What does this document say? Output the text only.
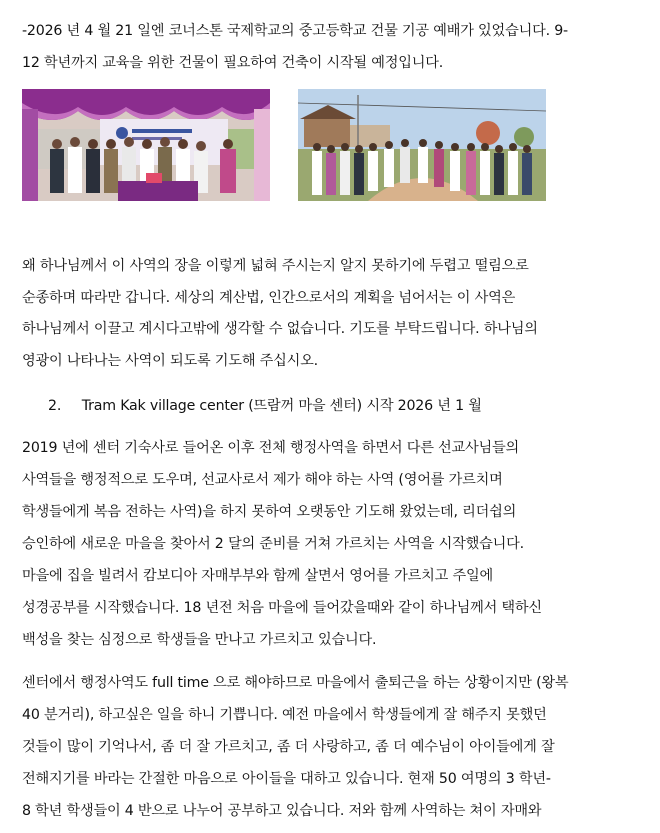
-2026 년 4 월 21 일엔 코너스톤 국제학교의 중고등학교 건물 기공 예배가 있었습니다. 9-
12 학년까지 교육을 위한 건물이 필요하여 건축이 시작될 예정입니다.
왜 하나님께서 이 사역의 장을 이렇게 넓혀 주시는지 알지 못하기에 두렵고 떨림으로
순종하며 따라만 갑니다. 세상의 계산법, 인간으로서의 계획을 넘어서는 이 사역은
하나님께서 이끌고 계시다고밖에 생각할 수 없습니다. 기도를 부탁드립니다. 하나님의
영광이 나타나는 사역이 되도록 기도해 주십시오.
2. Tram Kak village center (뜨람꺼 마을 센터) 시작 2026 년 1 월
2019 년에 센터 기숙사로 들어온 이후 전체 행정사역을 하면서 다른 선교사님들의
사역들을 행정적으로 도우며, 선교사로서 제가 해야 하는 사역 (영어를 가르치며
학생들에게 복음 전하는 사역)을 하지 못하여 오랫동안 기도해 왔었는데, 리더쉽의
승인하에 새로운 마을을 찾아서 2 달의 준비를 거쳐 가르치는 사역을 시작했습니다.
마을에 집을 빌려서 캄보디아 자매부부와 함께 살면서 영어를 가르치고 주일에
성경공부를 시작했습니다. 18 년전 처음 마을에 들어갔을때와 같이 하나님께서 택하신
백성을 찾는 심정으로 학생들을 만나고 가르치고 있습니다.
센터에서 행정사역도 full time 으로 해야하므로 마을에서 출퇴근을 하는 상황이지만 (왕복
40 분거리), 하고싶은 일을 하니 기쁩니다. 예전 마을에서 학생들에게 잘 해주지 못했던
것들이 많이 기억나서, 좀 더 잘 가르치고, 좀 더 사랑하고, 좀 더 예수님이 아이들에게 잘
전해지기를 바라는 간절한 마음으로 아이들을 대하고 있습니다. 현재 50 여명의 3 학년-
8 학년 학생들이 4 반으로 나누어 공부하고 있습니다. 저와 함께 사역하는 쳐이 자매와
